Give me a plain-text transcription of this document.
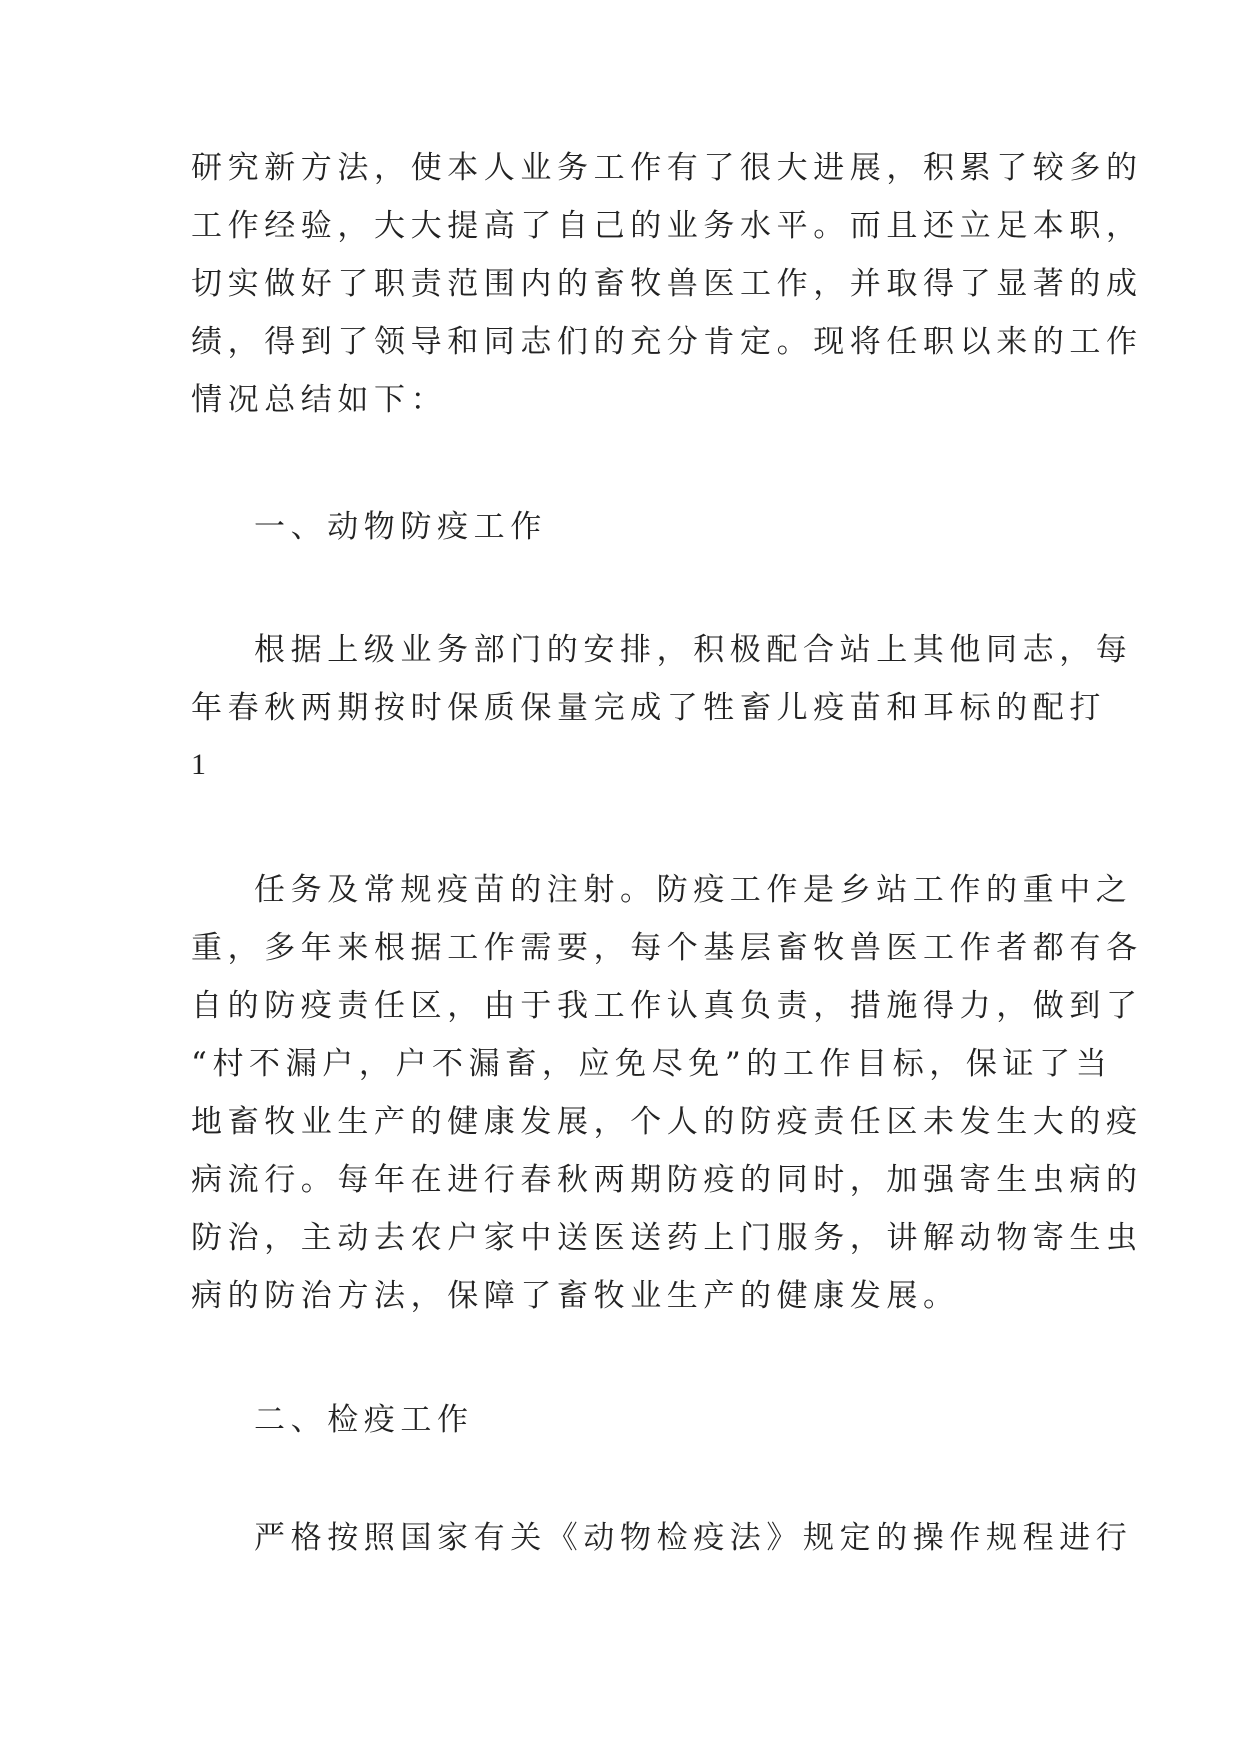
研究新方法，使本人业务工作有了很大进展，积累了较多的
工作经验，大大提高了自己的业务水平。而且还立足本职，
切实做好了职责范围内的畜牧兽医工作，并取得了显著的成
绩，得到了领导和同志们的充分肯定。现将任职以来的工作
情况总结如下：
一、动物防疫工作
根据上级业务部门的安排，积极配合站上其他同志，每
年春秋两期按时保质保量完成了牲畜儿疫苗和耳标的配打
1
任务及常规疫苗的注射。防疫工作是乡站工作的重中之
重，多年来根据工作需要，每个基层畜牧兽医工作者都有各
自的防疫责任区，由于我工作认真负责，措施得力，做到了
“村不漏户，户不漏畜，应免尽免”的工作目标，保证了当
地畜牧业生产的健康发展，个人的防疫责任区未发生大的疫
病流行。每年在进行春秋两期防疫的同时，加强寄生虫病的
防治，主动去农户家中送医送药上门服务，讲解动物寄生虫
病的防治方法，保障了畜牧业生产的健康发展。
二、检疫工作
严格按照国家有关《动物检疫法》规定的操作规程进行
